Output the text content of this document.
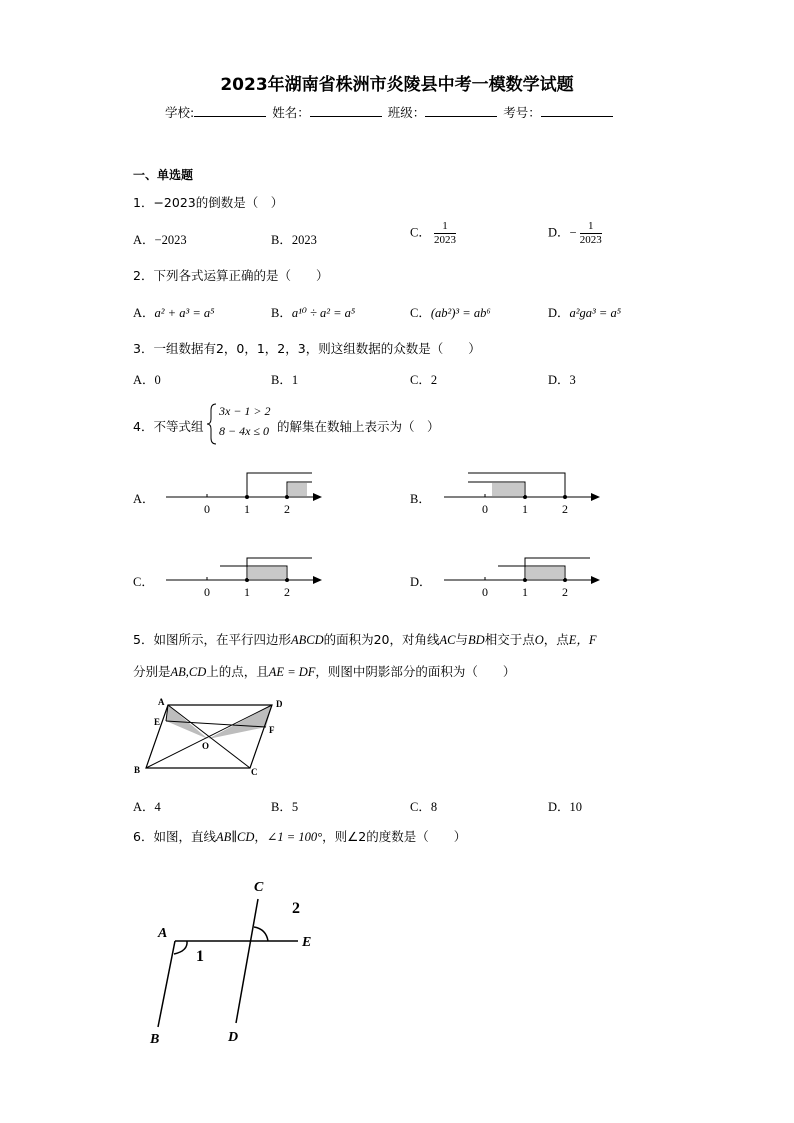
2023年湖南省株洲市炎陵县中考一模数学试题
学校:	姓名：	班级：	考号：
一、单选题
1．−2023的倒数是（　）
A．−2023	B．2023
C． $\frac{1}{2023}$	D．− $\frac{1}{2023}$
2．下列各式运算正确的是（　　）
A．a² + a³ = a⁵	B．a¹⁰ ÷ a² = a⁵	C．(ab²)³ = ab⁶	D．a²ga³ = a⁵
3．一组数据有2，0，1，2，3，则这组数据的众数是（　　）
A．0	B．1	C．2	D．3
4．不等式组
3x − 1 > 2
8 − 4x ≤ 0 的解集在数轴上表示为（　）
A．
0	1	2
B．
0	1	2
C．
0	1	2
D．
0	1	2
5．如图所示，在平行四边形ABCD的面积为20，对角线AC与BD相交于点O，点E，F
分别是AB,CD上的点，且AE = DF，则图中阴影部分的面积为（　　）
A	D
E
F
O
B	C
A．4	B．5	C．8	D．10
6．如图，直线AB∥CD，∠1 = 100°，则∠2的度数是（　　）
A
1
C
2
E
B	D
